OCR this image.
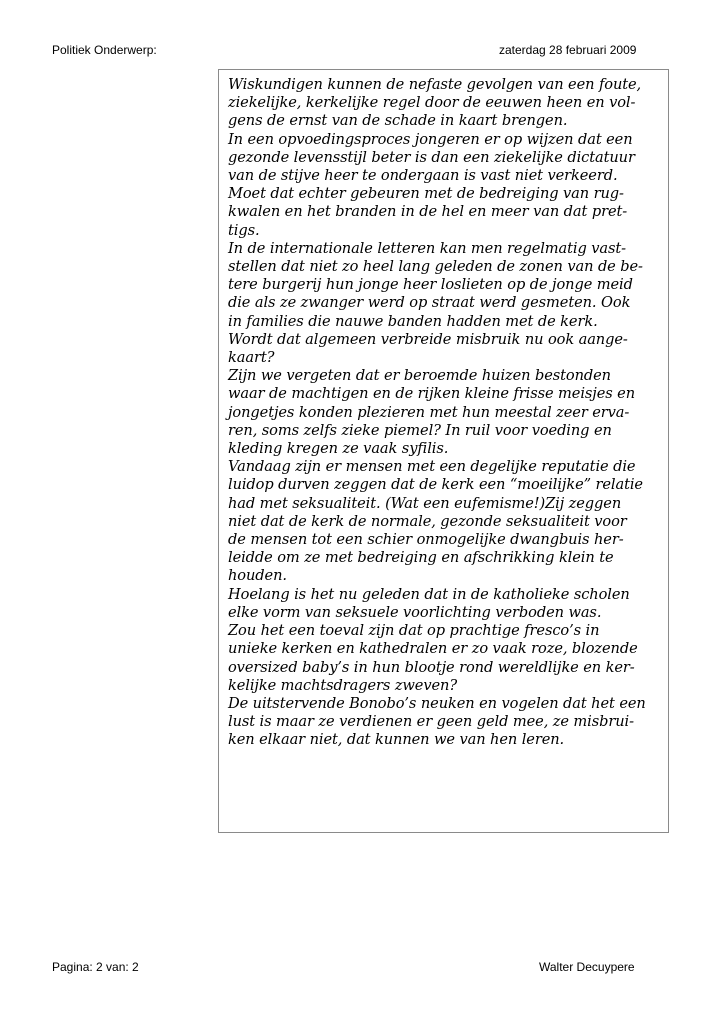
Politiek Onderwerp:	zaterdag 28 februari 2009
Wiskundigen kunnen de nefaste gevolgen van een foute,
ziekelijke, kerkelijke regel door de eeuwen heen en vol-
gens de ernst van de schade in kaart brengen.
In een opvoedingsproces jongeren er op wijzen dat een
gezonde levensstijl beter is dan een ziekelijke dictatuur
van de stijve heer te ondergaan is vast niet verkeerd.
Moet dat echter gebeuren met de bedreiging van rug-
kwalen en het branden in de hel en meer van dat pret-
tigs.
In de internationale letteren kan men regelmatig vast-
stellen dat niet zo heel lang geleden de zonen van de be-
tere burgerij hun jonge heer loslieten op de jonge meid
die als ze zwanger werd op straat werd gesmeten. Ook
in families die nauwe banden hadden met de kerk.
Wordt dat algemeen verbreide misbruik nu ook aange-
kaart?
Zijn we vergeten dat er beroemde huizen bestonden
waar de machtigen en de rijken kleine frisse meisjes en
jongetjes konden plezieren met hun meestal zeer erva-
ren, soms zelfs zieke piemel? In ruil voor voeding en
kleding kregen ze vaak syfilis.
Vandaag zijn er mensen met een degelijke reputatie die
luidop durven zeggen dat de kerk een “moeilijke” relatie
had met seksualiteit. (Wat een eufemisme!)Zij zeggen
niet dat de kerk de normale, gezonde seksualiteit voor
de mensen tot een schier onmogelijke dwangbuis her-
leidde om ze met bedreiging en afschrikking klein te
houden.
Hoelang is het nu geleden dat in de katholieke scholen
elke vorm van seksuele voorlichting verboden was.
Zou het een toeval zijn dat op prachtige fresco’s in
unieke kerken en kathedralen er zo vaak roze, blozende
oversized baby’s in hun blootje rond wereldlijke en ker-
kelijke machtsdragers zweven?
De uitstervende Bonobo’s neuken en vogelen dat het een
lust is maar ze verdienen er geen geld mee, ze misbrui-
ken elkaar niet, dat kunnen we van hen leren.
Pagina: 2 van: 2	Walter Decuypere
